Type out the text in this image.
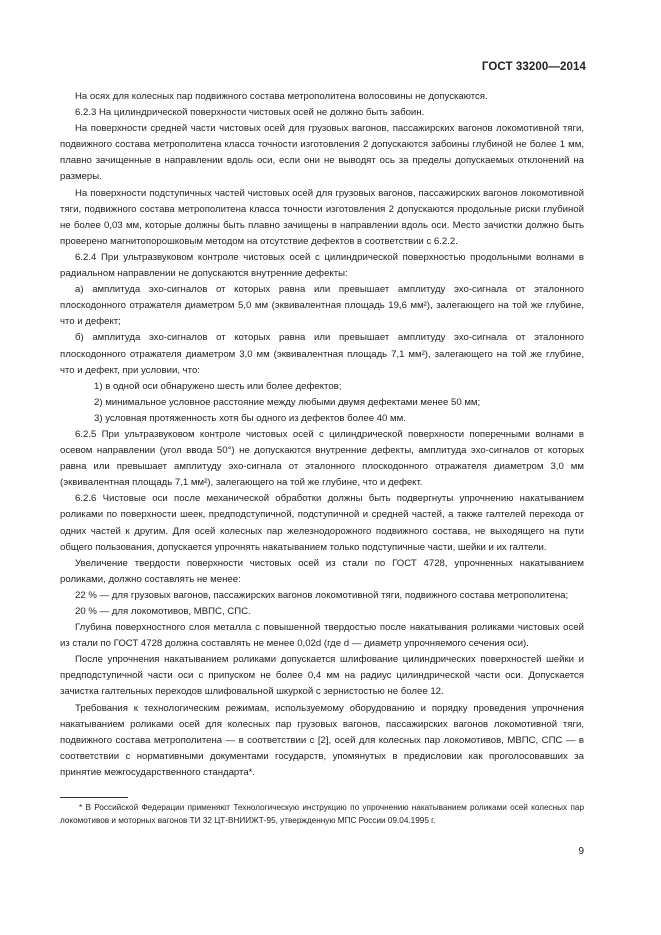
ГОСТ 33200—2014

На осях для колесных пар подвижного состава метрополитена волосовины не допускаются.

6.2.3 На цилиндрической поверхности чистовых осей не должно быть забоин.

На поверхности средней части чистовых осей для грузовых вагонов, пассажирских вагонов локомотивной тяги, подвижного состава метрополитена класса точности изготовления 2 допускаются забоины глубиной не более 1 мм, плавно зачищенные в направлении вдоль оси, если они не выводят ось за пределы допускаемых отклонений на размеры.

На поверхности подступичных частей чистовых осей для грузовых вагонов, пассажирских вагонов локомотивной тяги, подвижного состава метрополитена класса точности изготовления 2 допускаются продольные риски глубиной не более 0,03 мм, которые должны быть плавно зачищены в направлении вдоль оси. Место зачистки должно быть проверено магнитопорошковым методом на отсутствие дефектов в соответствии с 6.2.2.

6.2.4 При ультразвуковом контроле чистовых осей с цилиндрической поверхностью продольными волнами в радиальном направлении не допускаются внутренние дефекты:

а) амплитуда эхо-сигналов от которых равна или превышает амплитуду эхо-сигнала от эталонного плоскодонного отражателя диаметром 5,0 мм (эквивалентная площадь 19,6 мм²), залегающего на той же глубине, что и дефект;

б) амплитуда эхо-сигналов от которых равна или превышает амплитуду эхо-сигнала от эталонного плоскодонного отражателя диаметром 3,0 мм (эквивалентная площадь 7,1 мм²), залегающего на той же глубине, что и дефект, при условии, что:

1) в одной оси обнаружено шесть или более дефектов;

2) минимальное условное расстояние между любыми двумя дефектами менее 50 мм;

3) условная протяженность хотя бы одного из дефектов более 40 мм.

6.2.5 При ультразвуковом контроле чистовых осей с цилиндрической поверхности поперечными волнами в осевом направлении (угол ввода 50°) не допускаются внутренние дефекты, амплитуда эхо-сигналов от которых равна или превышает амплитуду эхо-сигнала от эталонного плоскодонного отражателя диаметром 3,0 мм (эквивалентная площадь 7,1 мм²), залегающего на той же глубине, что и дефект.

6.2.6 Чистовые оси после механической обработки должны быть подвергнуты упрочнению накатыванием роликами по поверхности шеек, предподступичной, подступичной и средней частей, а также галтелей перехода от одних частей к другим. Для осей колесных пар железнодорожного подвижного состава, не выходящего на пути общего пользования, допускается упрочнять накатыванием только подступичные части, шейки и их галтели.

Увеличение твердости поверхности чистовых осей из стали по ГОСТ 4728, упрочненных накатыванием роликами, должно составлять не менее:

22 % — для грузовых вагонов, пассажирских вагонов локомотивной тяги, подвижного состава метрополитена;

20 % — для локомотивов, МВПС, СПС.

Глубина поверхностного слоя металла с повышенной твердостью после накатывания роликами чистовых осей из стали по ГОСТ 4728 должна составлять не менее 0,02d (где d — диаметр упрочняемого сечения оси).

После упрочнения накатыванием роликами допускается шлифование цилиндрических поверхностей шейки и предподступичной части оси с припуском не более 0,4 мм на радиус цилиндрической части оси. Допускается зачистка галтельных переходов шлифовальной шкуркой с зернистостью не более 12.

Требования к технологическим режимам, используемому оборудованию и порядку проведения упрочнения накатыванием роликами осей для колесных пар грузовых вагонов, пассажирских вагонов локомотивной тяги, подвижного состава метрополитена — в соответствии с [2], осей для колесных пар локомотивов, МВПС, СПС — в соответствии с нормативными документами государств, упомянутых в предисловии как проголосовавших за принятие межгосударственного стандарта*.

* В Российской Федерации применяют Технологическую инструкцию по упрочнению накатыванием роликами осей колесных пар локомотивов и моторных вагонов ТИ 32 ЦТ-ВНИИЖТ-95, утвержденную МПС России 09.04.1995 г.

9
